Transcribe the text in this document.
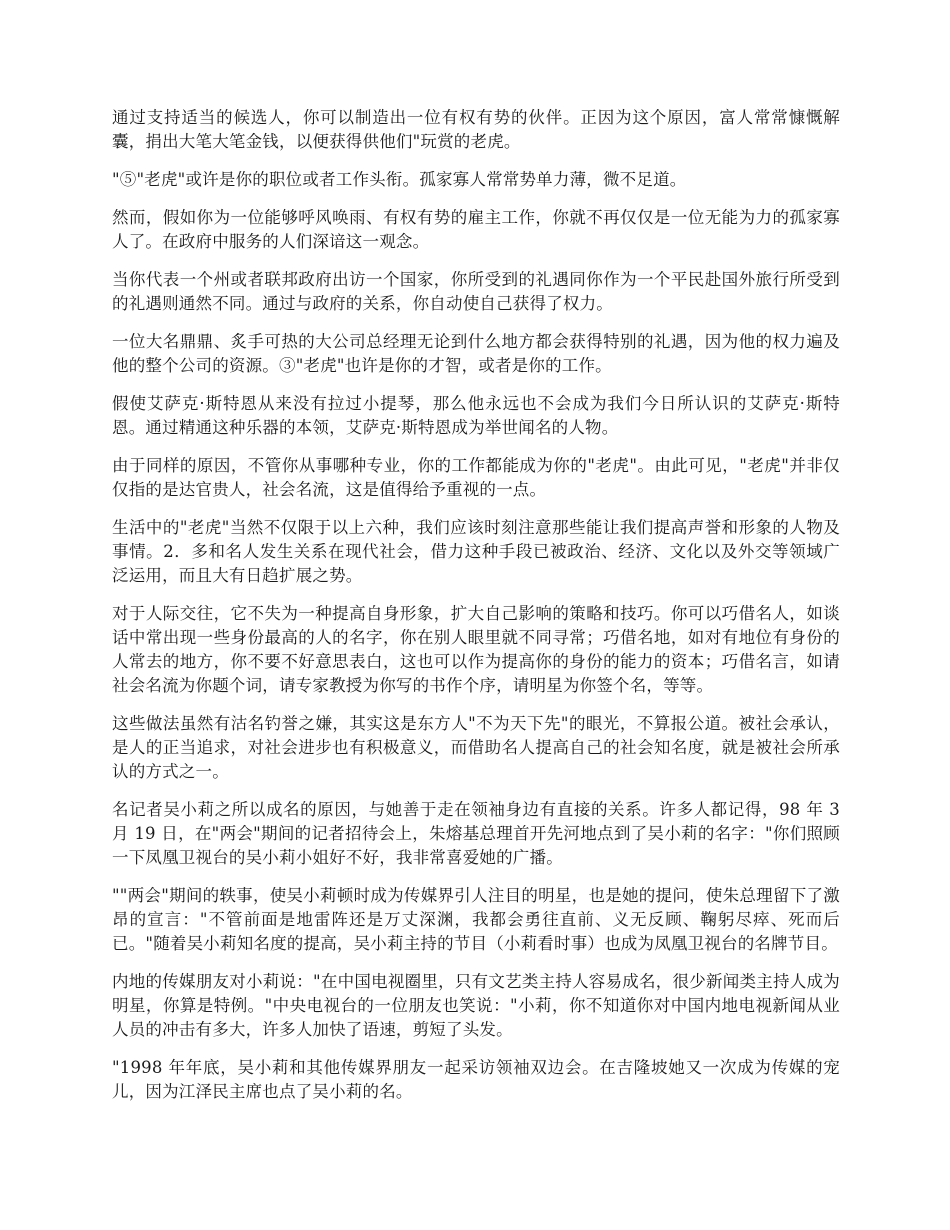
通过支持适当的候选人，你可以制造出一位有权有势的伙伴。正因为这个原因，富人常常慷慨解囊，捐出大笔大笔金钱，以便获得供他们"玩赏的老虎。

"⑤"老虎"或许是你的职位或者工作头衔。孤家寡人常常势单力薄，微不足道。

然而，假如你为一位能够呼风唤雨、有权有势的雇主工作，你就不再仅仅是一位无能为力的孤家寡人了。在政府中服务的人们深谙这一观念。

当你代表一个州或者联邦政府出访一个国家，你所受到的礼遇同你作为一个平民赴国外旅行所受到的礼遇则通然不同。通过与政府的关系，你自动使自己获得了权力。

一位大名鼎鼎、炙手可热的大公司总经理无论到什么地方都会获得特别的礼遇，因为他的权力遍及他的整个公司的资源。③"老虎"也许是你的才智，或者是你的工作。

假使艾萨克·斯特恩从来没有拉过小提琴，那么他永远也不会成为我们今日所认识的艾萨克·斯特恩。通过精通这种乐器的本领，艾萨克·斯特恩成为举世闻名的人物。

由于同样的原因，不管你从事哪种专业，你的工作都能成为你的"老虎"。由此可见，"老虎"并非仅仅指的是达官贵人，社会名流，这是值得给予重视的一点。

生活中的"老虎"当然不仅限于以上六种，我们应该时刻注意那些能让我们提高声誉和形象的人物及事情。2．多和名人发生关系在现代社会，借力这种手段已被政治、经济、文化以及外交等领域广泛运用，而且大有日趋扩展之势。

对于人际交往，它不失为一种提高自身形象，扩大自己影响的策略和技巧。你可以巧借名人，如谈话中常出现一些身份最高的人的名字，你在别人眼里就不同寻常；巧借名地，如对有地位有身份的人常去的地方，你不要不好意思表白，这也可以作为提高你的身份的能力的资本；巧借名言，如请社会名流为你题个词，请专家教授为你写的书作个序，请明星为你签个名，等等。

这些做法虽然有沽名钓誉之嫌，其实这是东方人"不为天下先"的眼光，不算报公道。被社会承认，是人的正当追求，对社会进步也有积极意义，而借助名人提高自己的社会知名度，就是被社会所承认的方式之一。

名记者吴小莉之所以成名的原因，与她善于走在领袖身边有直接的关系。许多人都记得，98 年 3 月 19 日，在"两会"期间的记者招待会上，朱熔基总理首开先河地点到了吴小莉的名字："你们照顾一下凤凰卫视台的吴小莉小姐好不好，我非常喜爱她的广播。

""两会"期间的轶事，使吴小莉顿时成为传媒界引人注目的明星，也是她的提问，使朱总理留下了激昂的宣言："不管前面是地雷阵还是万丈深渊，我都会勇往直前、义无反顾、鞠躬尽瘁、死而后已。"随着吴小莉知名度的提高，吴小莉主持的节目（小莉看时事）也成为凤凰卫视台的名牌节目。

内地的传媒朋友对小莉说："在中国电视圈里，只有文艺类主持人容易成名，很少新闻类主持人成为明星，你算是特例。"中央电视台的一位朋友也笑说："小莉，你不知道你对中国内地电视新闻从业人员的冲击有多大，许多人加快了语速，剪短了头发。

"1998 年年底，吴小莉和其他传媒界朋友一起采访领袖双边会。在吉隆坡她又一次成为传媒的宠儿，因为江泽民主席也点了吴小莉的名。
